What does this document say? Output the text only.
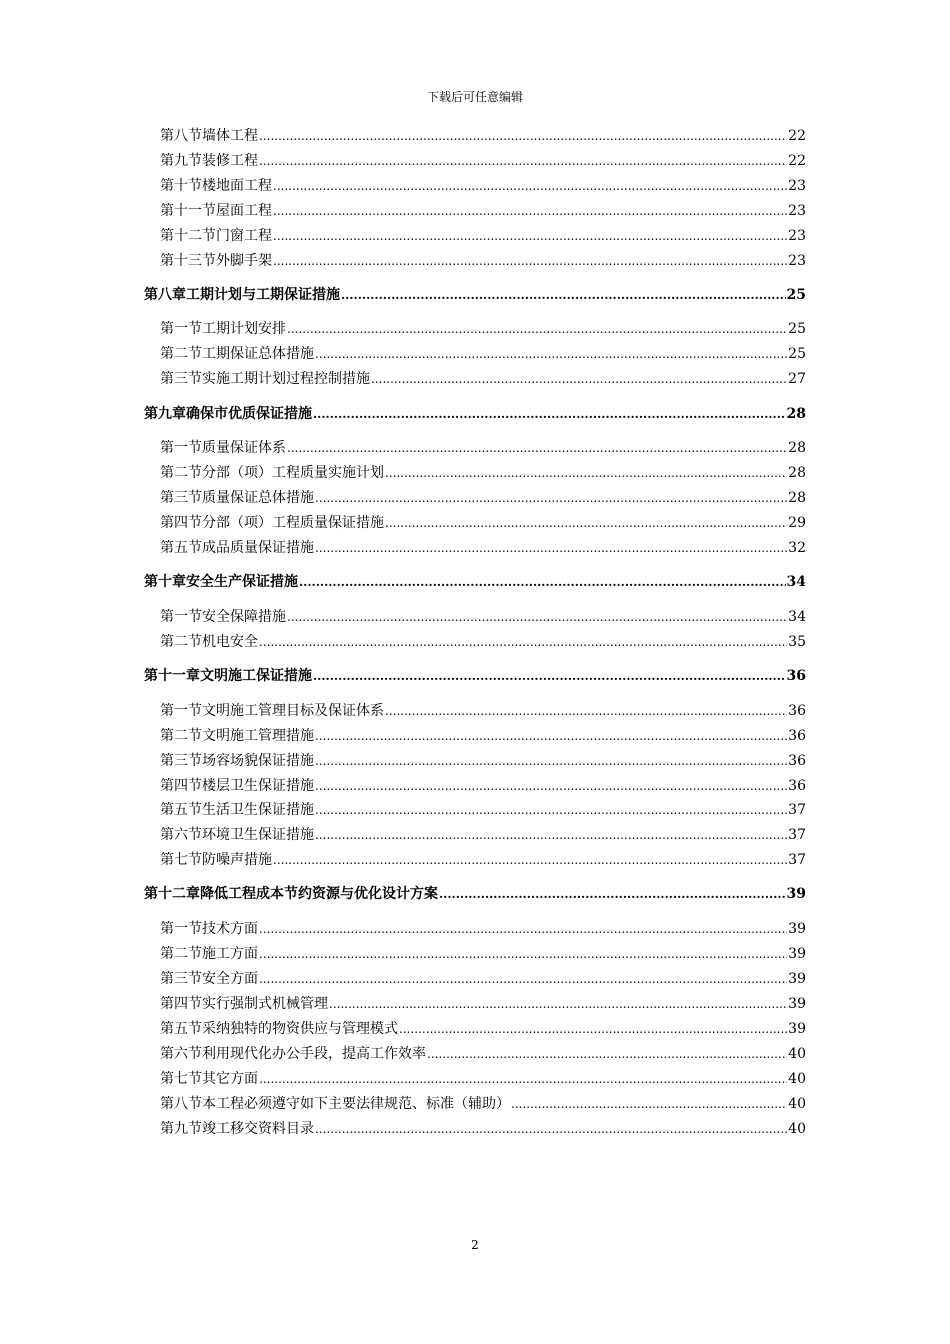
下载后可任意编辑
第八节墙体工程 .....	22
第九节装修工程 .....	22
第十节楼地面工程 .....	23
第十一节屋面工程 .....	23
第十二节门窗工程 .....	23
第十三节外脚手架 .....	23
第八章工期计划与工期保证措施 .....	25
第一节工期计划安排 .....	25
第二节工期保证总体措施 .....	25
第三节实施工期计划过程控制措施 .....	27
第九章确保市优质保证措施 .....	28
第一节质量保证体系 .....	28
第二节分部（项）工程质量实施计划 .....	28
第三节质量保证总体措施 .....	28
第四节分部（项）工程质量保证措施 .....	29
第五节成品质量保证措施 .....	32
第十章安全生产保证措施 .....	34
第一节安全保障措施 .....	34
第二节机电安全 .....	35
第十一章文明施工保证措施 .....	36
第一节文明施工管理目标及保证体系 .....	36
第二节文明施工管理措施 .....	36
第三节场容场貌保证措施 .....	36
第四节楼层卫生保证措施 .....	36
第五节生活卫生保证措施 .....	37
第六节环境卫生保证措施 .....	37
第七节防噪声措施 .....	37
第十二章降低工程成本节约资源与优化设计方案 .....	39
第一节技术方面 .....	39
第二节施工方面 .....	39
第三节安全方面 .....	39
第四节实行强制式机械管理 .....	39
第五节采纳独特的物资供应与管理模式 .....	39
第六节利用现代化办公手段，提高工作效率 .....	40
第七节其它方面 .....	40
第八节本工程必须遵守如下主要法律规范、标准（辅助） .....	40
第九节竣工移交资料目录 .....	40
2
